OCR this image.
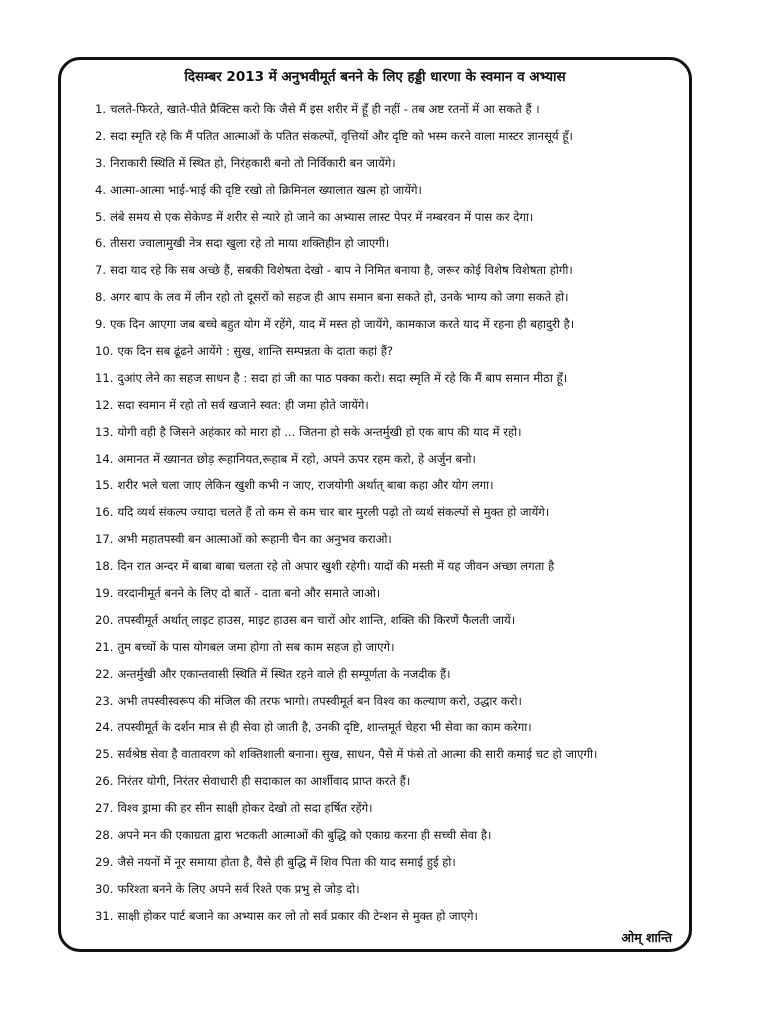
दिसम्बर 2013 में अनुभवीमूर्त बनने के लिए हड्डी धारणा के स्वमान व अभ्यास
1. चलते-फिरते, खाते-पीते प्रैक्टिस करो कि जैसे मैं इस शरीर में हूँ ही नहीं - तब अष्ट रतनों में आ सकते हैं ।
2. सदा स्मृति रहे कि मैं पतित आत्माओं के पतित संकल्पों, वृत्तियों और दृष्टि को भस्म करने वाला मास्टर ज्ञानसूर्य हूँ।
3. निराकारी स्थिति में स्थित हो, निरंहकारी बनो तो निर्विकारी बन जायेंगे।
4. आत्मा-आत्मा भाई-भाई की दृष्टि रखो तो क्रिमिनल ख्यालात खत्म हो जायेंगे।
5. लंबे समय से एक सेकेण्ड में शरीर से न्यारे हो जाने का अभ्यास लास्ट पेपर में नम्बरवन में पास कर देगा।
6. तीसरा ज्वालामुखी नेत्र सदा खुला रहे तो माया शक्तिहीन हो जाएगी।
7. सदा याद रहे कि सब अच्छे हैं, सबकी विशेषता देखो - बाप ने निमित बनाया है, जरूर कोई विशेष विशेषता होगी।
8. अगर बाप के लव में लीन रहो तो दूसरों को सहज ही आप समान बना सकते हो, उनके भाग्य को जगा सकते हो।
9. एक दिन आएगा जब बच्चे बहुत योग में रहेंगे, याद में मस्त हो जायेंगे, कामकाज करते याद में रहना ही बहादुरी है।
10. एक दिन सब ढूंढने आयेंगे : सुख, शान्ति सम्पन्नता के दाता कहां हैं?
11. दुआंए लेने का सहज साधन है : सदा हां जी का पाठ पक्का करो। सदा स्मृति में रहे कि मैं बाप समान मीठा हूँ।
12. सदा स्वमान में रहो तो सर्व खजाने स्वत: ही जमा होते जायेंगे।
13. योगी वही है जिसने अहंकार को मारा हो ... जितना हो सके अन्तर्मुखी हो एक बाप की याद में रहो।
14. अमानत में ख्यानत छोड़ रूहानियत,रूहाब में रहो, अपने ऊपर रहम करो, हे अर्जुन बनो।
15. शरीर भले चला जाए लेकिन खुशी कभी न जाए, राजयोगी अर्थात् बाबा कहा और योग लगा।
16. यदि व्यर्थ संकल्प ज्यादा चलते हैं तो कम से कम चार बार मुरली पढ़ो तो व्यर्थ संकल्पों से मुक्त हो जायेंगे।
17. अभी महातपस्वी बन आत्माओं को रूहानी चैन का अनुभव कराओ।
18. दिन रात अन्दर में बाबा बाबा चलता रहे तो अपार खुशी रहेगी। यादों की मस्ती में यह जीवन अच्छा लगता है
19. वरदानीमूर्त बनने के लिए दो बातें - दाता बनो और समाते जाओ।
20. तपस्वीमूर्त अर्थात् लाइट हाउस, माइट हाउस बन चारों ओर शान्ति, शक्ति की किरणें फैलती जायें।
21. तुम बच्चों के पास योगबल जमा होगा तो सब काम सहज हो जाएगे।
22. अन्तर्मुखी और एकान्तवासी स्थिति में स्थित रहने वाले ही सम्पूर्णता के नजदीक हैं।
23. अभी तपस्वीस्वरूप की मंजिल की तरफ भागो। तपस्वीमूर्त बन विश्व का कल्याण करो, उद्धार करो।
24. तपस्वीमूर्त के दर्शन मात्र से ही सेवा हो जाती है, उनकी दृष्टि, शान्तमूर्त चेहरा भी सेवा का काम करेगा।
25. सर्वश्रेष्ठ सेवा है वातावरण को शक्तिशाली बनाना। सुख, साधन, पैसे में फंसे तो आत्मा की सारी कमाई चट हो जाएगी।
26. निरंतर योगी, निरंतर सेवाधारी ही सदाकाल का आर्शीवाद प्राप्त करते हैं।
27. विश्व ड्रामा की हर सीन साक्षी होकर देखो तो सदा हर्षित रहेंगे।
28. अपने मन की एकाग्रता द्वारा भटकती आत्माओं की बुद्धि को एकाग्र करना ही सच्ची सेवा है।
29. जैसे नयनों में नूर समाया होता है, वैसे ही बुद्धि में शिव पिता की याद समाई हुई हो।
30. फरिश्ता बनने के लिए अपने सर्व रिश्ते एक प्रभु से जोड़ दो।
31. साक्षी होकर पार्ट बजाने का अभ्यास कर लो तो सर्व प्रकार की टेन्शन से मुक्त हो जाएगे।
ओम् शान्ति
